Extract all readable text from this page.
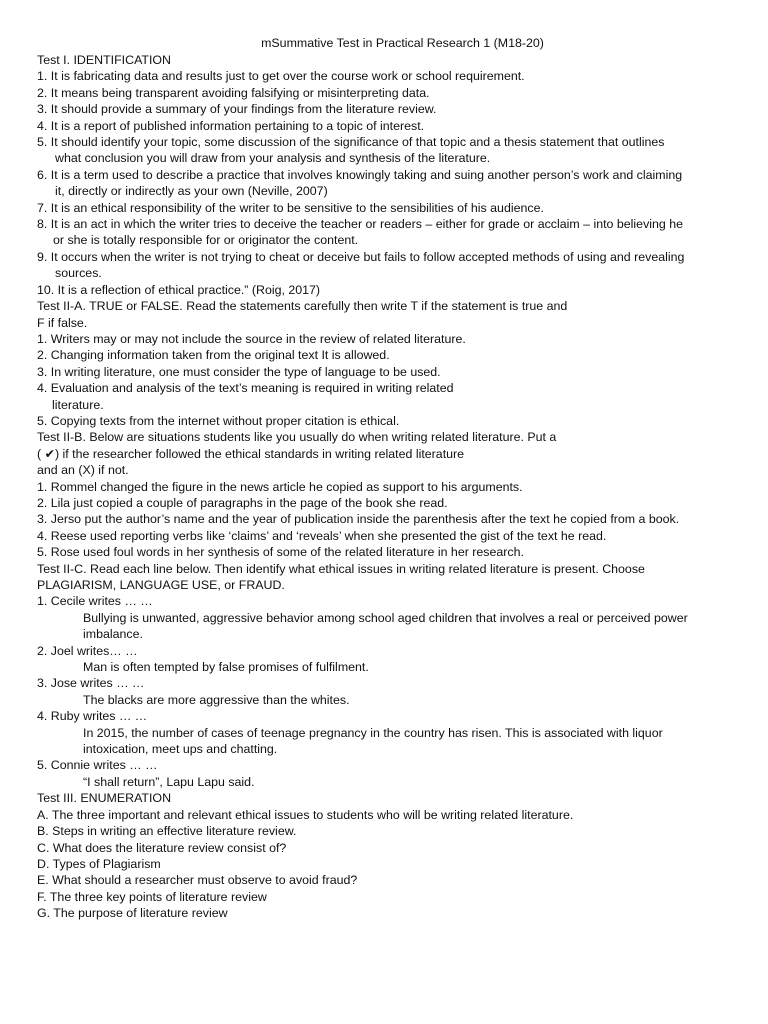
mSummative Test in Practical Research 1 (M18-20)
Test I. IDENTIFICATION
1. It is fabricating data and results just to get over the course work or school requirement.
2. It means being transparent avoiding falsifying or misinterpreting data.
3. It should provide a summary of your findings from the literature review.
4. It is a report of published information pertaining to a topic of interest.
5. It should identify your topic, some discussion of the significance of that topic and a thesis statement that outlines
what conclusion you will draw from your analysis and synthesis of the literature.
6. It is a term used to describe a practice that involves knowingly taking and suing another person’s work and claiming
it, directly or indirectly as your own (Neville, 2007)
7. It is an ethical responsibility of the writer to be sensitive to the sensibilities of his audience.
8. It is an act in which the writer tries to deceive the teacher or readers – either for grade or acclaim – into believing he
or she is totally responsible for or originator the content.
9. It occurs when the writer is not trying to cheat or deceive but fails to follow accepted methods of using and revealing
sources.
10. It is a reflection of ethical practice.” (Roig, 2017)
Test II-A. TRUE or FALSE. Read the statements carefully then write T if the statement is true and
F if false.
1. Writers may or may not include the source in the review of related literature.
2. Changing information taken from the original text It is allowed.
3. In writing literature, one must consider the type of language to be used.
4. Evaluation and analysis of the text’s meaning is required in writing related
literature.
5. Copying texts from the internet without proper citation is ethical.
Test II-B. Below are situations students like you usually do when writing related literature. Put a
( ✔) if the researcher followed the ethical standards in writing related literature
and an (X) if not.
1. Rommel changed the figure in the news article he copied as support to his arguments.
2. Lila just copied a couple of paragraphs in the page of the book she read.
3. Jerso put the author’s name and the year of publication inside the parenthesis after the text he copied from a book.
4. Reese used reporting verbs like ‘claims’ and ‘reveals’ when she presented the gist of the text he read.
5. Rose used foul words in her synthesis of some of the related literature in her research.
Test II-C. Read each line below. Then identify what ethical issues in writing related literature is present. Choose
PLAGIARISM, LANGUAGE USE, or FRAUD.
1. Cecile writes … …
Bullying is unwanted, aggressive behavior among school aged children that involves a real or perceived power
imbalance.
2. Joel writes… …
Man is often tempted by false promises of fulfilment.
3. Jose writes … …
The blacks are more aggressive than the whites.
4. Ruby writes … …
In 2015, the number of cases of teenage pregnancy in the country has risen. This is associated with liquor
intoxication, meet ups and chatting.
5. Connie writes … …
“I shall return”, Lapu Lapu said.
Test III. ENUMERATION
A. The three important and relevant ethical issues to students who will be writing related literature.
B. Steps in writing an effective literature review.
C. What does the literature review consist of?
D. Types of Plagiarism
E. What should a researcher must observe to avoid fraud?
F. The three key points of literature review
G. The purpose of literature review
